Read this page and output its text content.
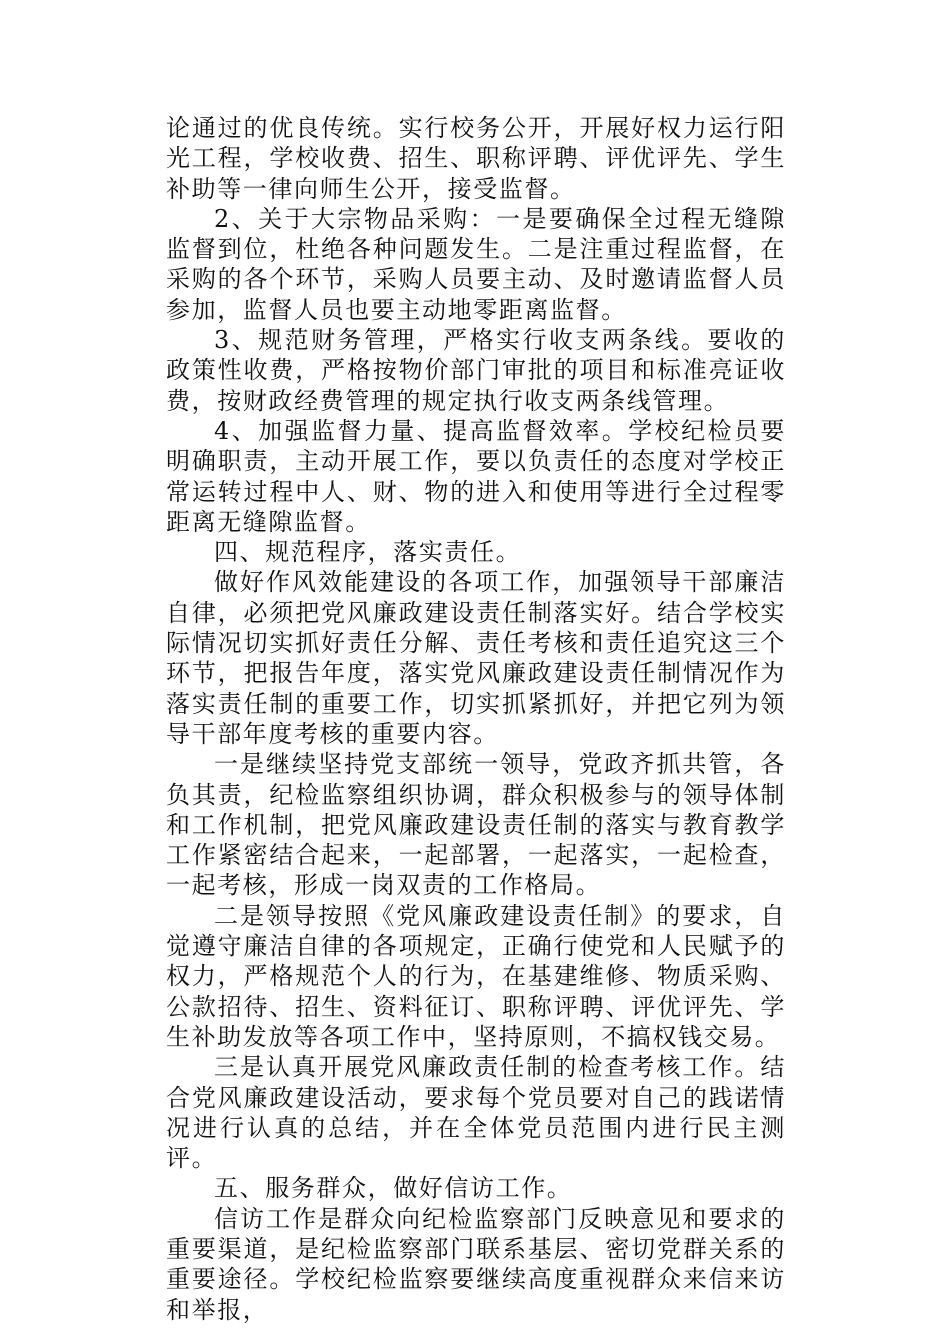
论通过的优良传统。实行校务公开，开展好权力运行阳光工程，学校收费、招生、职称评聘、评优评先、学生补助等一律向师生公开，接受监督。

2、关于大宗物品采购：一是要确保全过程无缝隙监督到位，杜绝各种问题发生。二是注重过程监督，在采购的各个环节，采购人员要主动、及时邀请监督人员参加，监督人员也要主动地零距离监督。

3、规范财务管理，严格实行收支两条线。要收的政策性收费，严格按物价部门审批的项目和标准亮证收费，按财政经费管理的规定执行收支两条线管理。

4、加强监督力量、提高监督效率。学校纪检员要明确职责，主动开展工作，要以负责任的态度对学校正常运转过程中人、财、物的进入和使用等进行全过程零距离无缝隙监督。

四、规范程序，落实责任。

做好作风效能建设的各项工作，加强领导干部廉洁自律，必须把党风廉政建设责任制落实好。结合学校实际情况切实抓好责任分解、责任考核和责任追究这三个环节，把报告年度，落实党风廉政建设责任制情况作为落实责任制的重要工作，切实抓紧抓好，并把它列为领导干部年度考核的重要内容。

一是继续坚持党支部统一领导，党政齐抓共管，各负其责，纪检监察组织协调，群众积极参与的领导体制和工作机制，把党风廉政建设责任制的落实与教育教学工作紧密结合起来，一起部署，一起落实，一起检查，一起考核，形成一岗双责的工作格局。

二是领导按照《党风廉政建设责任制》的要求，自觉遵守廉洁自律的各项规定，正确行使党和人民赋予的权力，严格规范个人的行为，在基建维修、物质采购、公款招待、招生、资料征订、职称评聘、评优评先、学生补助发放等各项工作中，坚持原则，不搞权钱交易。

三是认真开展党风廉政责任制的检查考核工作。结合党风廉政建设活动，要求每个党员要对自己的践诺情况进行认真的总结，并在全体党员范围内进行民主测评。

五、服务群众，做好信访工作。

信访工作是群众向纪检监察部门反映意见和要求的重要渠道，是纪检监察部门联系基层、密切党群关系的重要途径。学校纪检监察要继续高度重视群众来信来访和举报，
